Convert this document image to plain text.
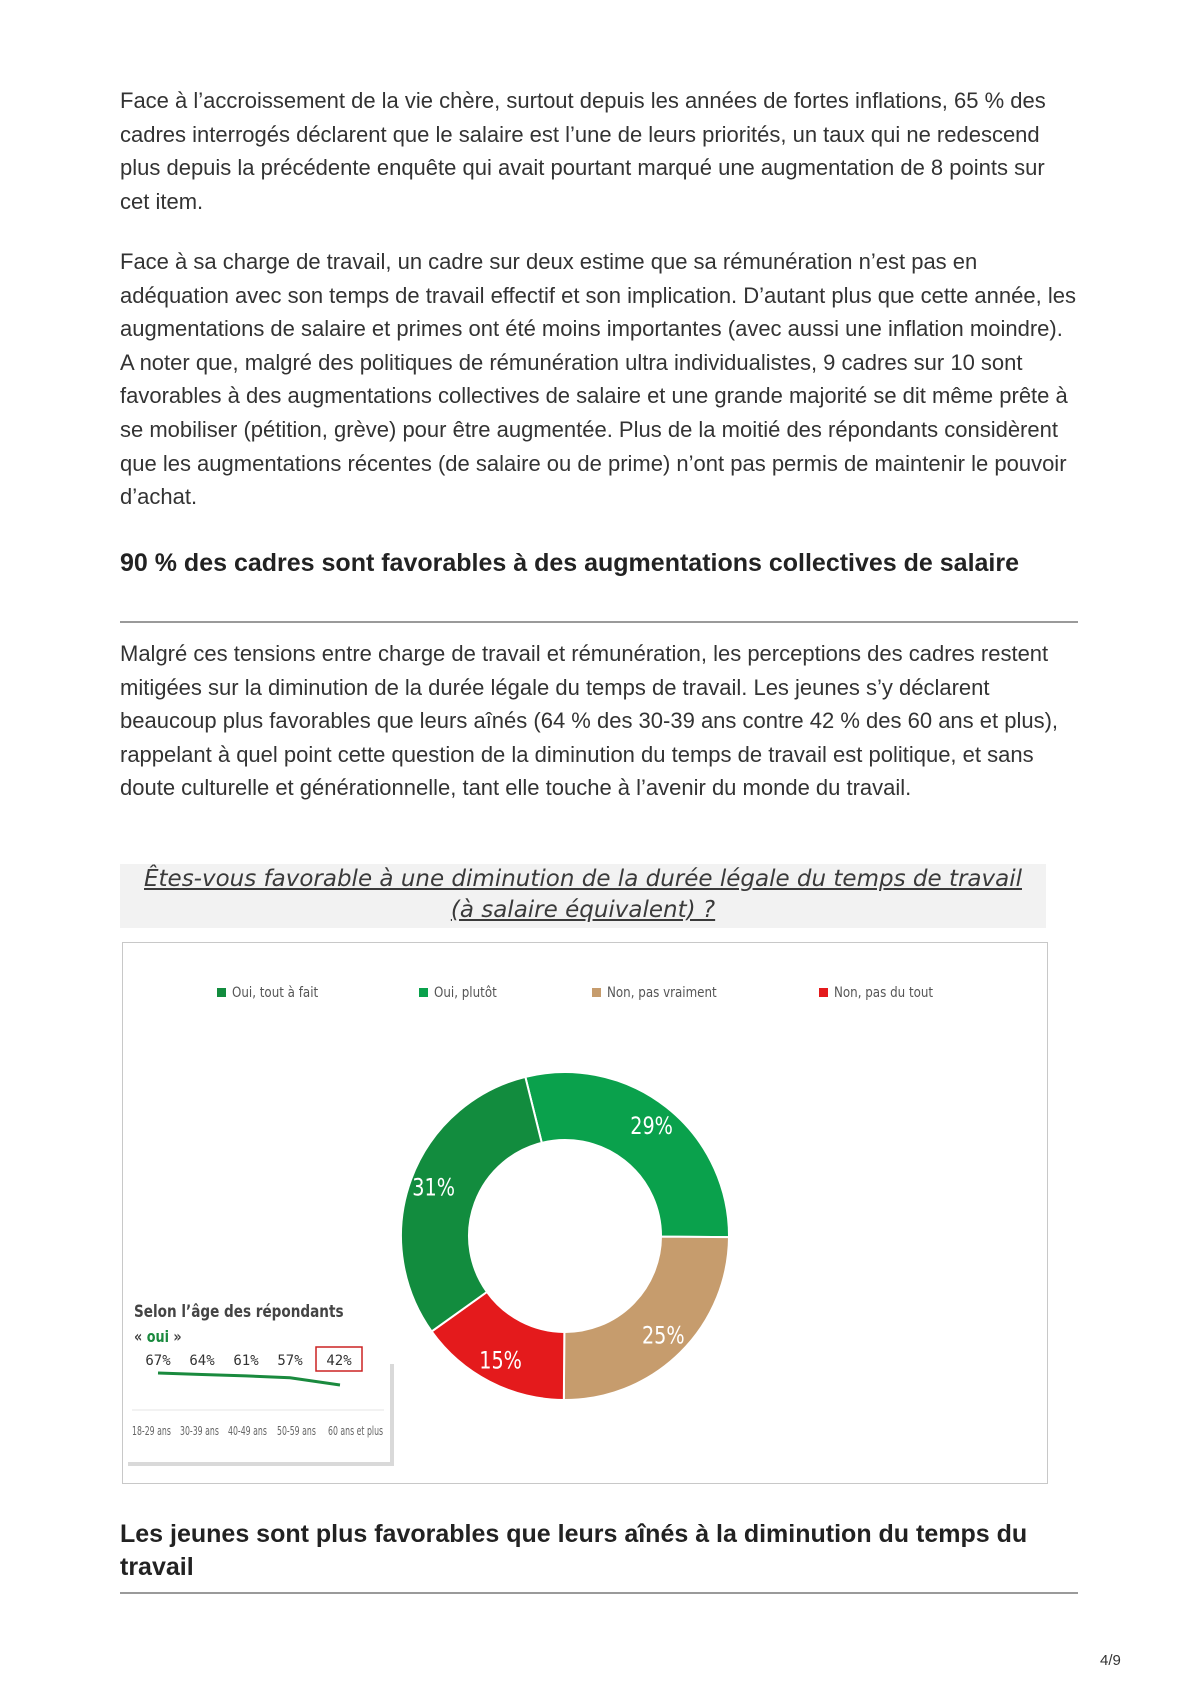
Face à l’accroissement de la vie chère, surtout depuis les années de fortes inflations, 65 % des cadres interrogés déclarent que le salaire est l’une de leurs priorités, un taux qui ne redescend plus depuis la précédente enquête qui avait pourtant marqué une augmentation de 8 points sur cet item.

Face à sa charge de travail, un cadre sur deux estime que sa rémunération n’est pas en adéquation avec son temps de travail effectif et son implication. D’autant plus que cette année, les augmentations de salaire et primes ont été moins importantes (avec aussi une inflation moindre). A noter que, malgré des politiques de rémunération ultra individualistes, 9 cadres sur 10 sont favorables à des augmentations collectives de salaire et une grande majorité se dit même prête à se mobiliser (pétition, grève) pour être augmentée. Plus de la moitié des répondants considèrent que les augmentations récentes (de salaire ou de prime) n’ont pas permis de maintenir le pouvoir d’achat.

90 % des cadres sont favorables à des augmentations collectives de salaire

Malgré ces tensions entre charge de travail et rémunération, les perceptions des cadres restent mitigées sur la diminution de la durée légale du temps de travail. Les jeunes s’y déclarent beaucoup plus favorables que leurs aînés (64 % des 30-39 ans contre 42 % des 60 ans et plus), rappelant à quel point cette question de la diminution du temps de travail est politique, et sans doute culturelle et générationnelle, tant elle touche à l’avenir du monde du travail.

Êtes-vous favorable à une diminution de la durée légale du temps de travail
(à salaire équivalent) ?

Oui, tout à fait	Oui, plutôt	Non, pas vraiment	Non, pas du tout
29%
25%
15%
31%
Selon l’âge des répondants
« oui »
67% 64% 61% 57% 42%
18-29 ans 30-39 ans 40-49 ans 50-59 ans 60 ans et plus
Les jeunes sont plus favorables que leurs aînés à la diminution du temps du travail
4/9
